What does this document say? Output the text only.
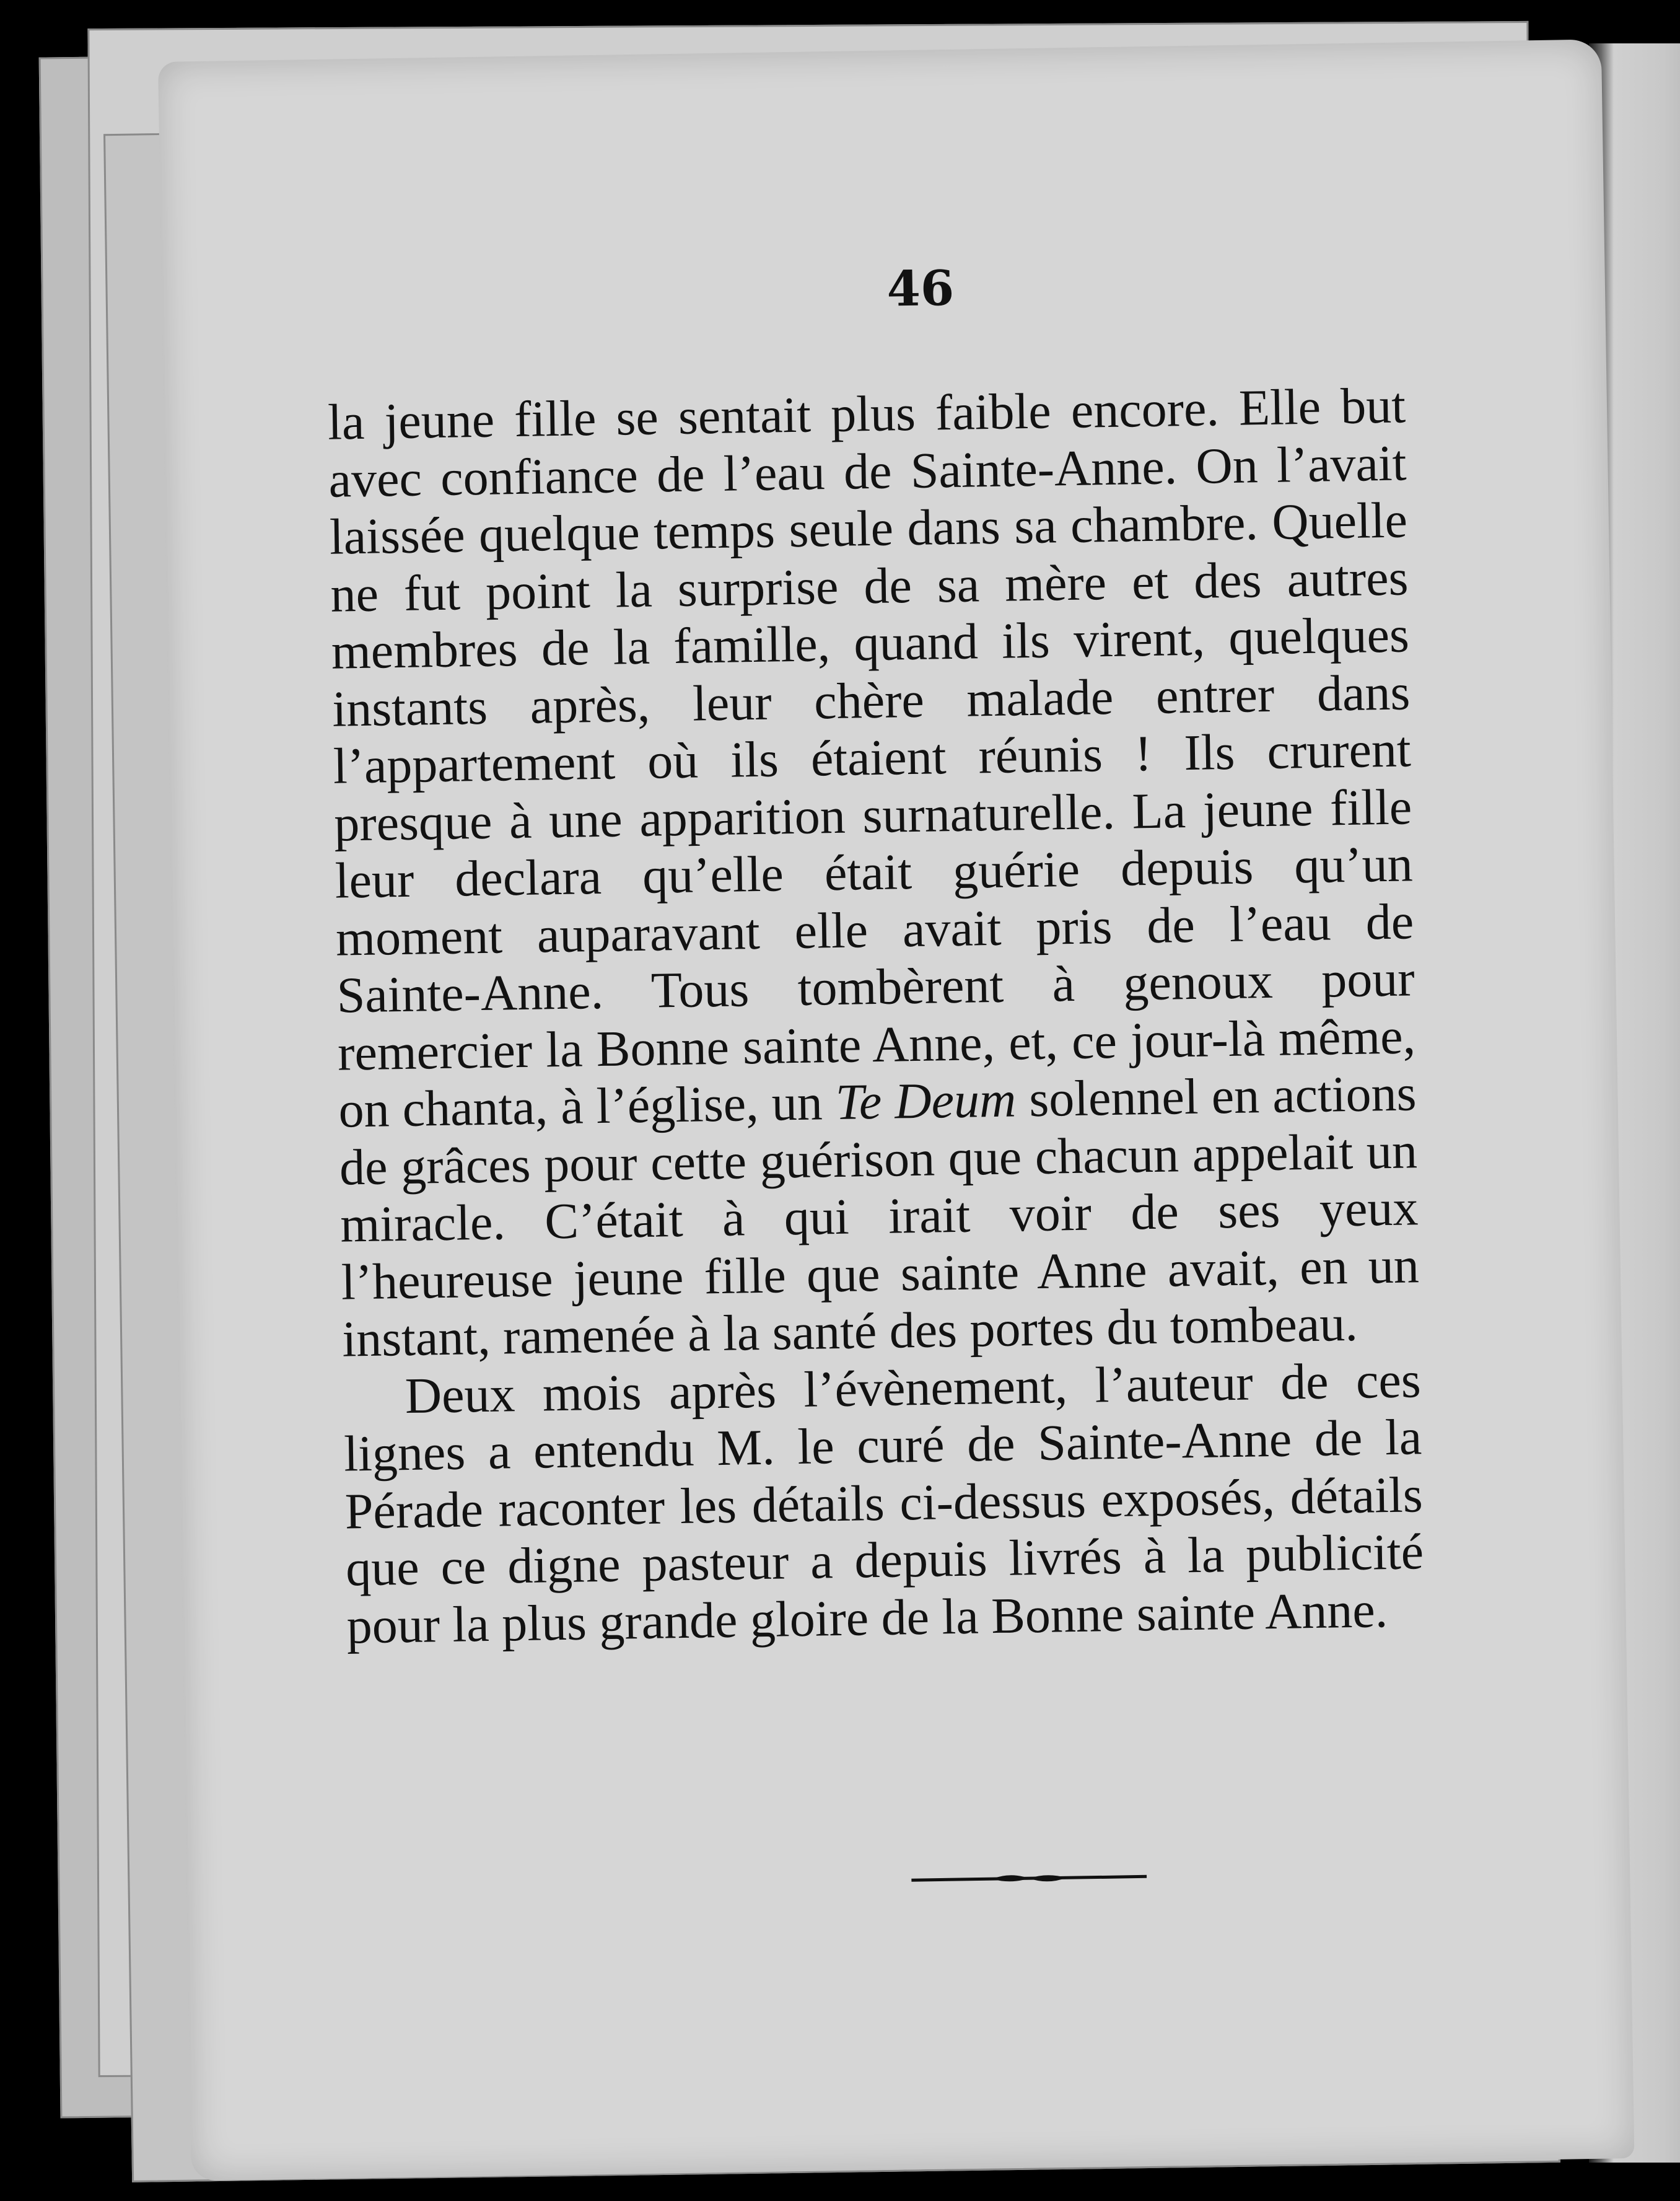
46

la jeune fille se sentait plus faible encore. Elle but avec confiance de l’eau de Sainte-Anne. On l’avait laissée quelque temps seule dans sa chambre. Quelle ne fut point la surprise de sa mère et des autres membres de la famille, quand ils virent, quelques instants après, leur chère malade entrer dans l’appartement où ils étaient réunis ! Ils crurent presque à une apparition surnaturelle. La jeune fille leur declara qu’elle était guérie depuis qu’un moment auparavant elle avait pris de l’eau de Sainte-Anne. Tous tombèrent à genoux pour remercier la Bonne sainte Anne, et, ce jour-là même, on chanta, à l’église, un Te Deum solennel en actions de grâces pour cette guérison que chacun appelait un miracle. C’était à qui irait voir de ses yeux l’heureuse jeune fille que sainte Anne avait, en un instant, ramenée à la santé des portes du tombeau.

Deux mois après l’évènement, l’auteur de ces lignes a entendu M. le curé de Sainte-Anne de la Pérade raconter les détails ci-dessus exposés, détails que ce digne pasteur a depuis livrés à la publicité pour la plus grande gloire de la Bonne sainte Anne.
